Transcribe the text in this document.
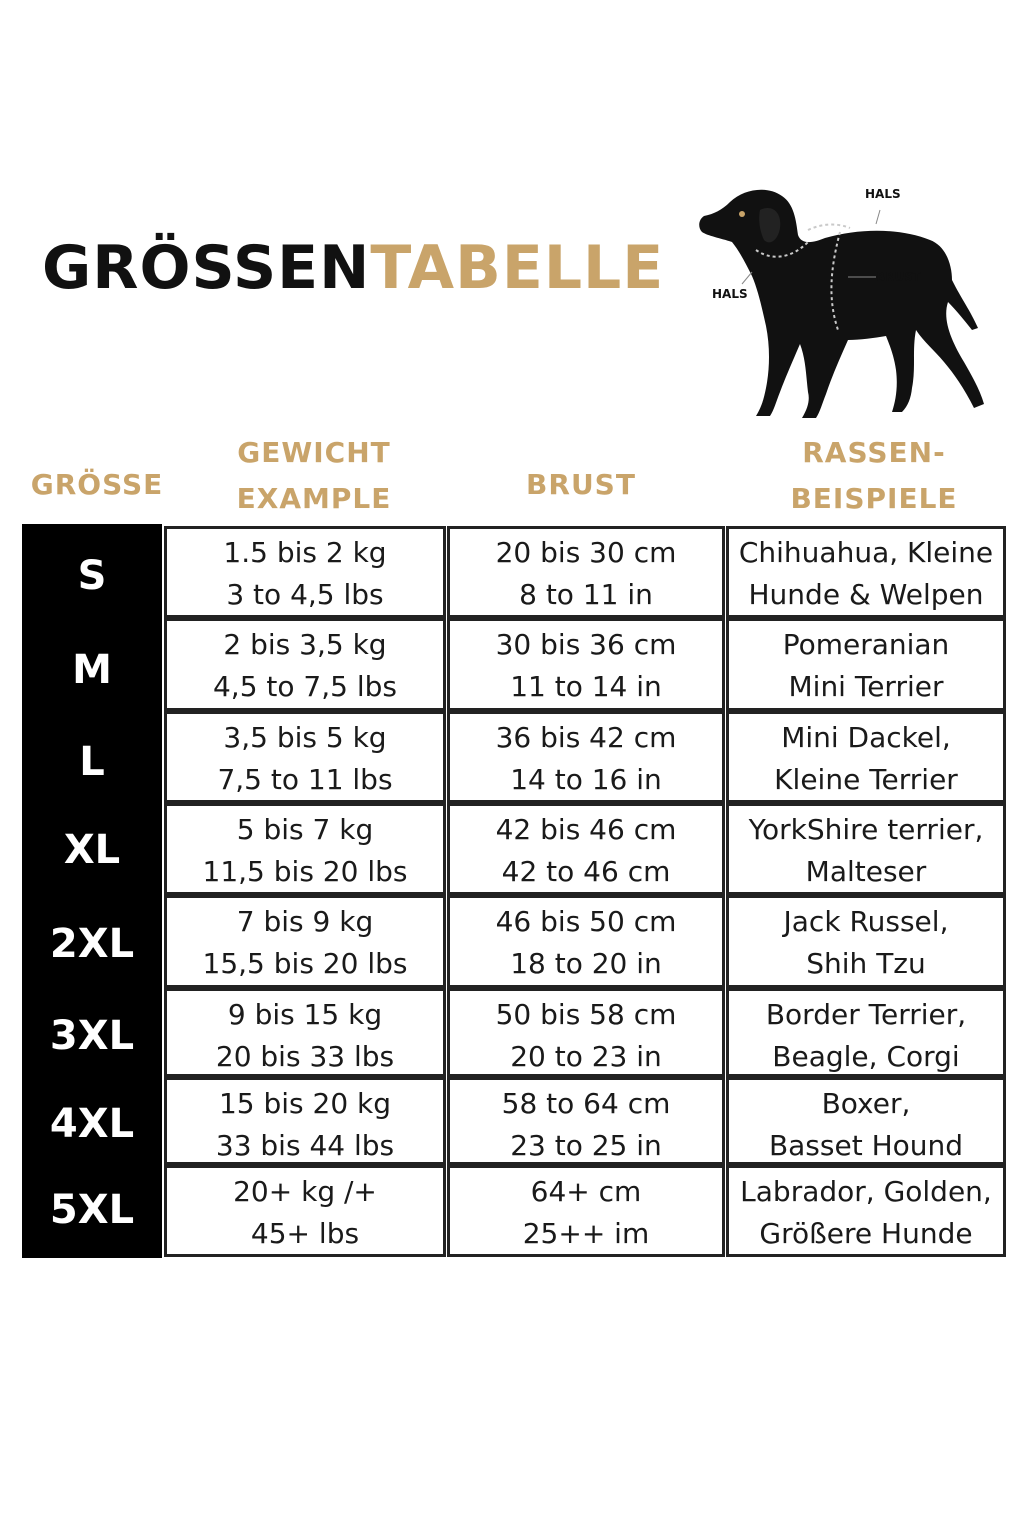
GRÖSSENTABELLE
HALS
BRUST
HALS
GRÖSSE
GEWICHT
EXAMPLE	BRUST
RASSEN-
BEISPIELE
S
M
L
XL
2XL
3XL
4XL
5XL
1.5 bis 2 kg
3 to 4,5 lbs
20 bis 30 cm
8 to 11 in
Chihuahua, Kleine
Hunde & Welpen
2 bis 3,5 kg
4,5 to 7,5 lbs
30 bis 36 cm
11 to 14 in
Pomeranian
Mini Terrier
3,5 bis 5 kg
7,5 to 11 lbs
36 bis 42 cm
14 to 16 in
Mini Dackel,
Kleine Terrier
5 bis 7 kg
11,5 bis 20 lbs
42 bis 46 cm
42 to 46 cm
YorkShire terrier,
Malteser
7 bis 9 kg
15,5 bis 20 lbs
46 bis 50 cm
18 to 20 in
Jack Russel,
Shih Tzu
9 bis 15 kg
20 bis 33 lbs
50 bis 58 cm
20 to 23 in
Border Terrier,
Beagle, Corgi
15 bis 20 kg
33 bis 44 lbs
58 to 64 cm
23 to 25 in
Boxer,
Basset Hound
20+ kg /+
45+ lbs
64+ cm
25++ im
Labrador, Golden,
Größere Hunde
